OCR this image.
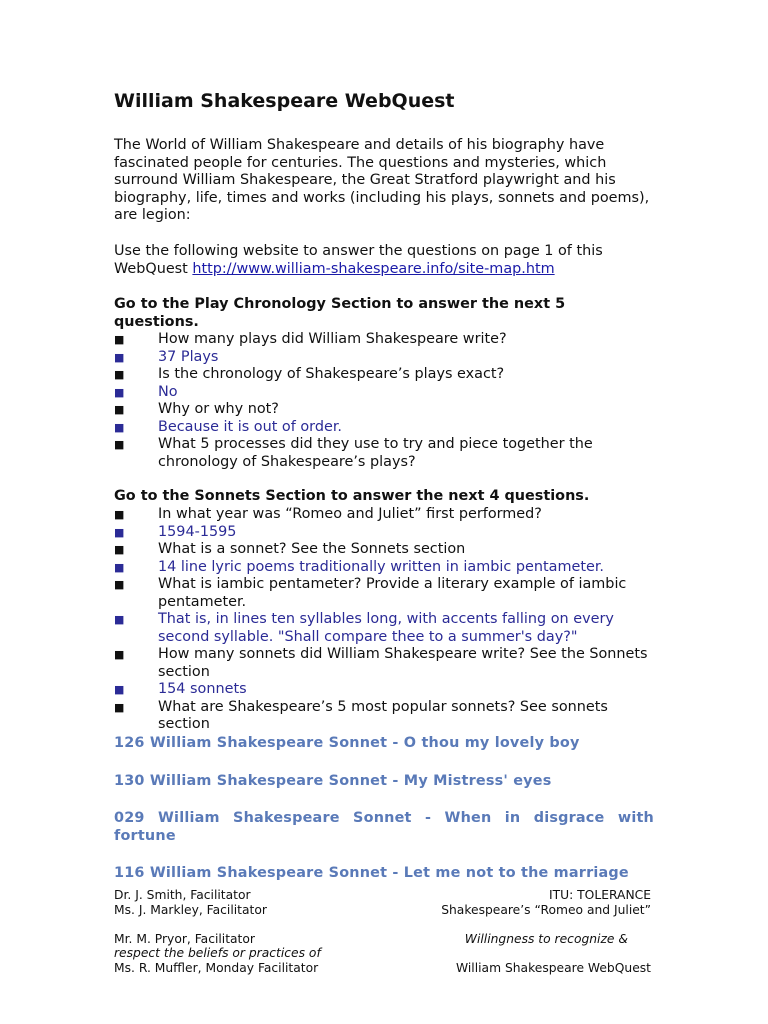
William Shakespeare WebQuest
The World of William Shakespeare and details of his biography have fascinated people for centuries. The questions and mysteries, which surround William Shakespeare, the Great Stratford playwright and his biography, life, times and works (including his plays, sonnets and poems), are legion:
Use the following website to answer the questions on page 1 of this WebQuest http://www.william-shakespeare.info/site-map.htm
Go to the Play Chronology Section to answer the next 5 questions.
■ How many plays did William Shakespeare write?
■ 37 Plays
■ Is the chronology of Shakespeare’s plays exact?
■ No
■ Why or why not?
■ Because it is out of order.
■ What 5 processes did they use to try and piece together the chronology of Shakespeare’s plays?
Go to the Sonnets Section to answer the next 4 questions.
■ In what year was “Romeo and Juliet” first performed?
■ 1594-1595
■ What is a sonnet? See the Sonnets section
■ 14 line lyric poems traditionally written in iambic pentameter.
■ What is iambic pentameter? Provide a literary example of iambic pentameter.
■ That is, in lines ten syllables long, with accents falling on every second syllable. "Shall compare thee to a summer's day?"
■ How many sonnets did William Shakespeare write? See the Sonnets section
■ 154 sonnets
■ What are Shakespeare’s 5 most popular sonnets? See sonnets section
126 William Shakespeare Sonnet - O thou my lovely boy
130 William Shakespeare Sonnet - My Mistress' eyes
029 William Shakespeare Sonnet - When in disgrace with fortune
116 William Shakespeare Sonnet - Let me not to the marriage
Dr. J. Smith, Facilitator
Ms. J. Markley, Facilitator
Mr. M. Pryor, Facilitator
respect the beliefs or practices of
Ms. R. Muffler, Monday Facilitator
ITU: TOLERANCE
Shakespeare’s “Romeo and Juliet”
Willingness to recognize &
William Shakespeare WebQuest
